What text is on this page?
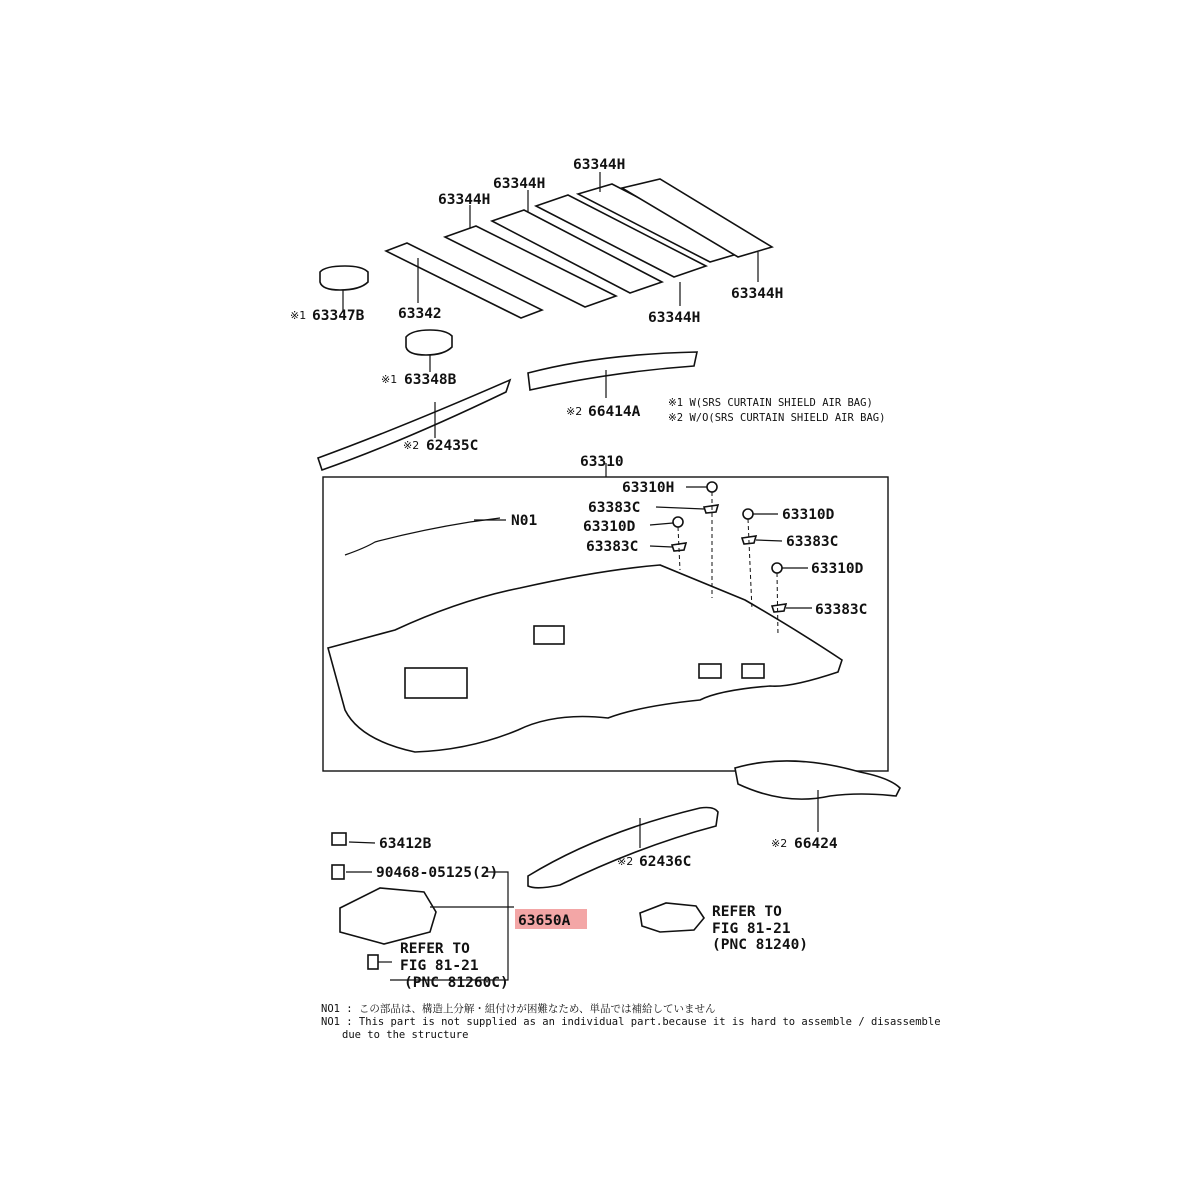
63344H
63344H
63344H
63344H
63344H
63342
※1 63347B
※1 63348B
※2 66414A
※2 62435C
※1 W(SRS CURTAIN SHIELD AIR BAG)
※2 W/O(SRS CURTAIN SHIELD AIR BAG)
63310
63310H
63383C
63310D
63383C
63310D
63383C
63310D
63383C
N01
63412B
90468-05125(2)
※2 62436C
※2 66424
63650A
REFER TO
FIG 81-21
(PNC 81260C)
REFER TO
FIG 81-21
(PNC 81240)
NO1 : この部品は、構造上分解・組付けが困難なため、単品では補給していません
NO1 : This part is not supplied as an individual part.because it is hard to assemble / disassemble
due to the structure
